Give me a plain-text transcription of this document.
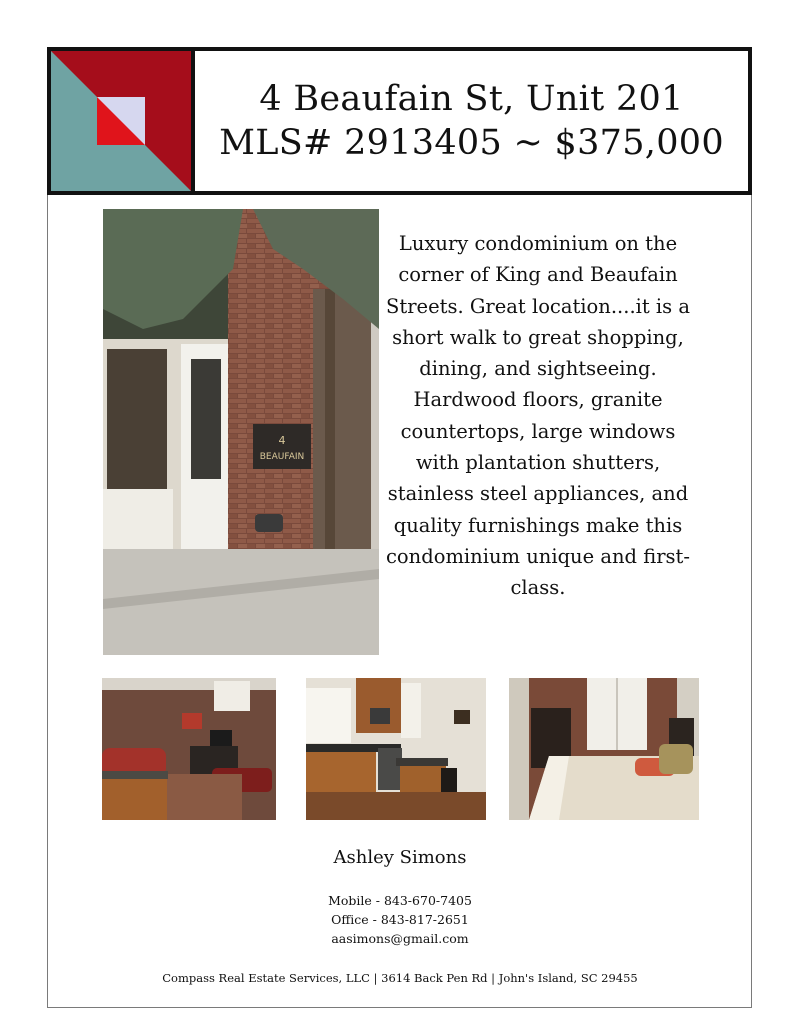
4 Beaufain St, Unit 201
MLS# 2913405 ~ $375,000
4
BEAUFAIN

Luxury condominium on the corner of King and Beaufain Streets. Great location....it is a short walk to great shopping, dining, and sightseeing. Hardwood floors, granite countertops, large windows with plantation shutters, stainless steel appliances, and quality furnishings make this condominium unique and first-class.

Ashley Simons
Mobile - 843-670-7405
Office - 843-817-2651
aasimons@gmail.com
Compass Real Estate Services, LLC | 3614 Back Pen Rd | John's Island, SC 29455
